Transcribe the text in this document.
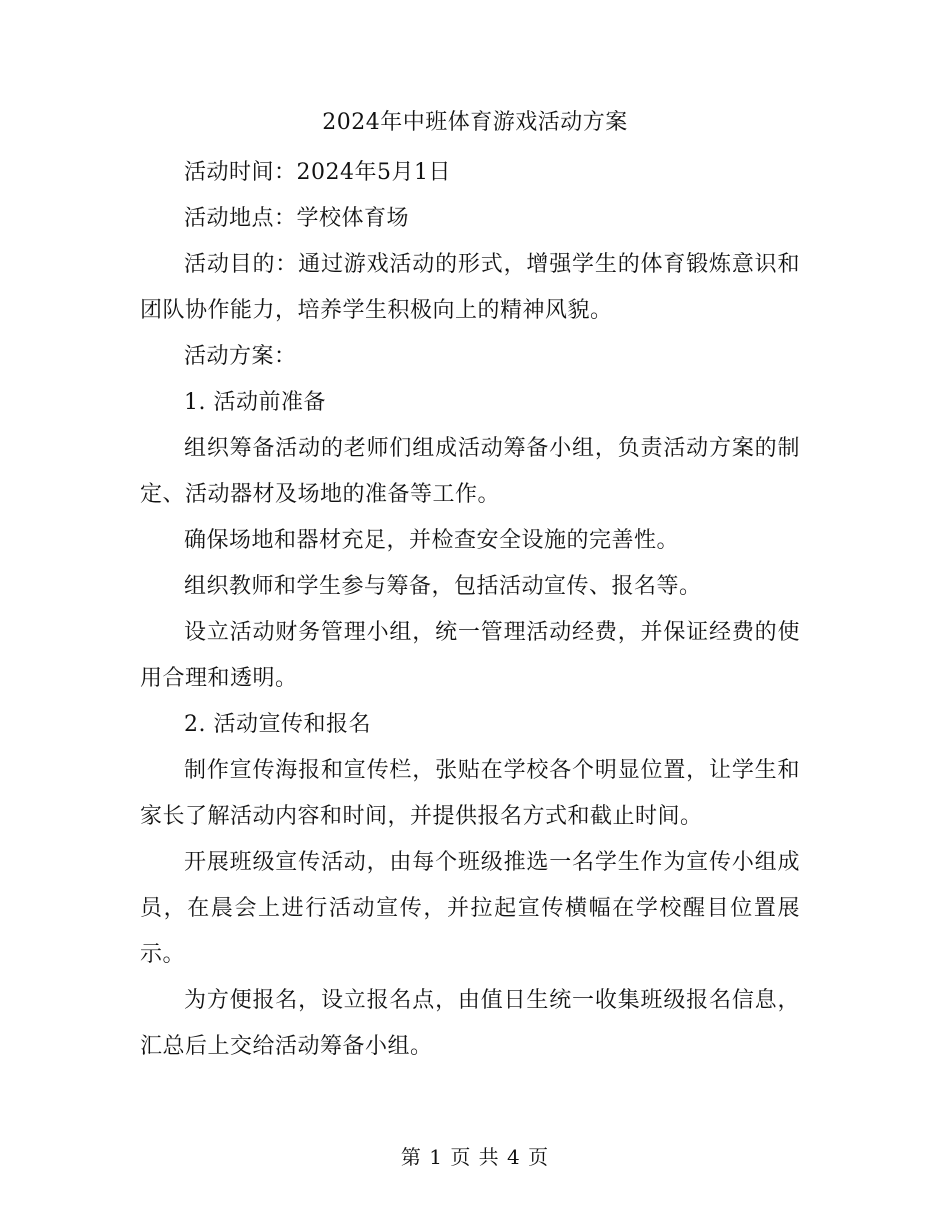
2024年中班体育游戏活动方案

活动时间：2024年5月1日

活动地点：学校体育场

活动目的：通过游戏活动的形式，增强学生的体育锻炼意识和团队协作能力，培养学生积极向上的精神风貌。

活动方案：

1. 活动前准备

组织筹备活动的老师们组成活动筹备小组，负责活动方案的制定、活动器材及场地的准备等工作。

确保场地和器材充足，并检查安全设施的完善性。

组织教师和学生参与筹备，包括活动宣传、报名等。

设立活动财务管理小组，统一管理活动经费，并保证经费的使用合理和透明。

2. 活动宣传和报名

制作宣传海报和宣传栏，张贴在学校各个明显位置，让学生和家长了解活动内容和时间，并提供报名方式和截止时间。

开展班级宣传活动，由每个班级推选一名学生作为宣传小组成员，在晨会上进行活动宣传，并拉起宣传横幅在学校醒目位置展示。

为方便报名，设立报名点，由值日生统一收集班级报名信息，汇总后上交给活动筹备小组。

第 1 页 共 4 页
